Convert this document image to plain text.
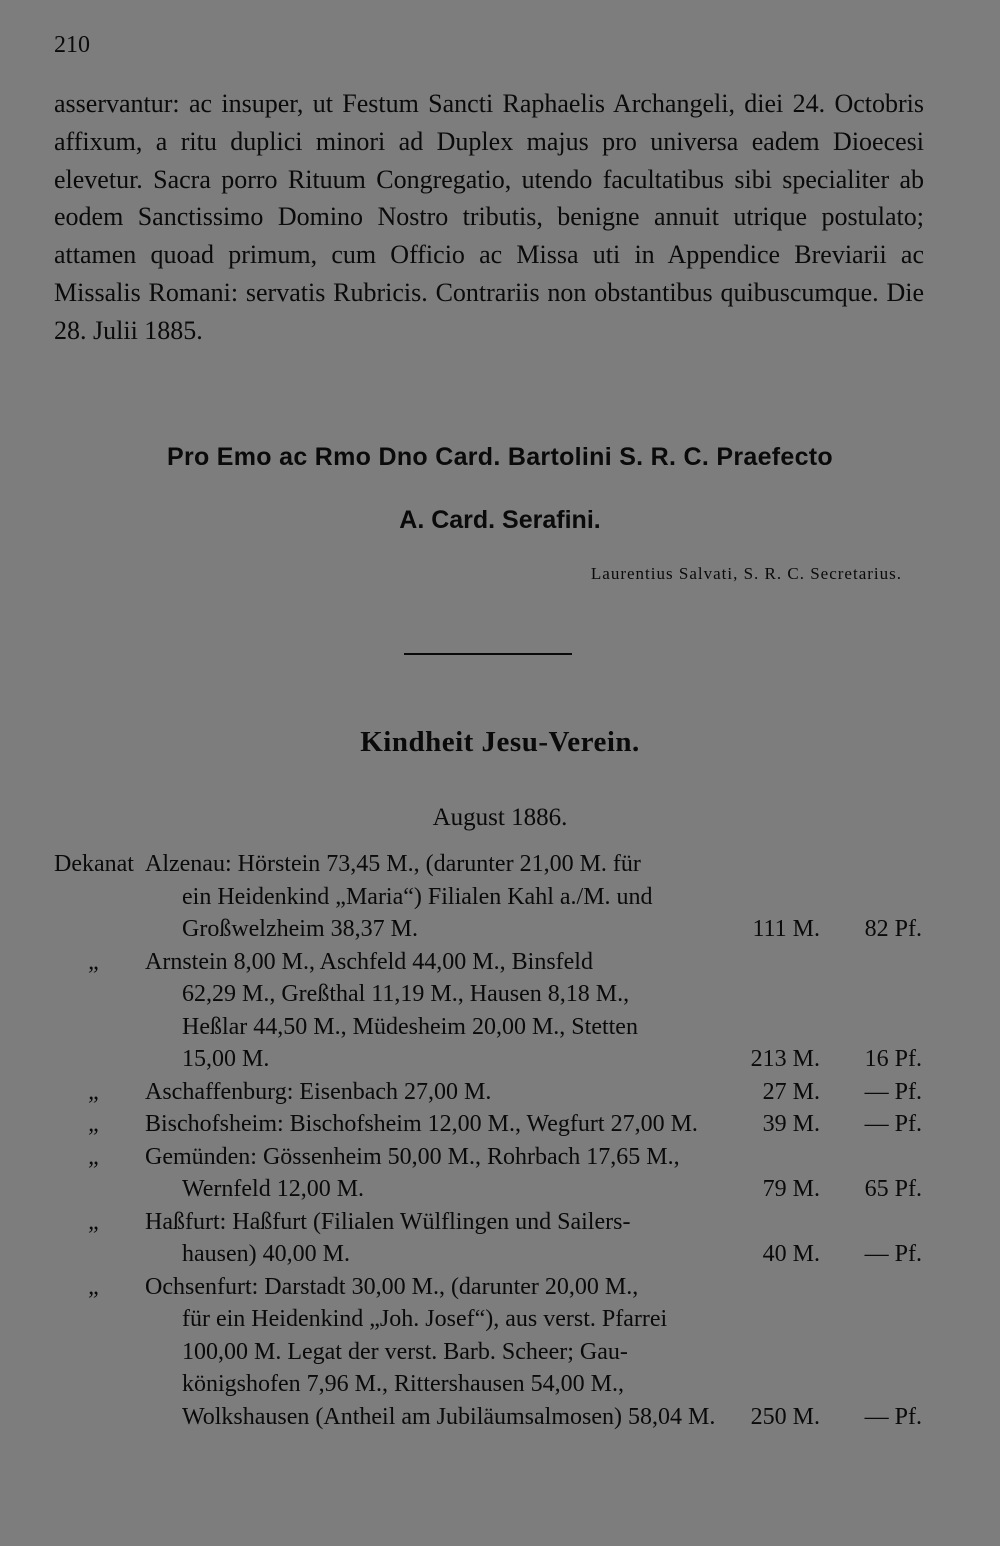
210
asservantur: ac insuper, ut Festum Sancti Raphaelis Archangeli, diei 24. Octobris affixum, a ritu duplici minori ad Duplex majus pro universa eadem Dioecesi elevetur. Sacra porro Rituum Congregatio, utendo facultatibus sibi specialiter ab eodem Sanctissimo Domino Nostro tributis, benigne annuit utrique postulato; attamen quoad primum, cum Officio ac Missa uti in Appendice Breviarii ac Missalis Romani: servatis Rubricis. Contrariis non obstantibus quibuscumque. Die 28. Julii 1885.
Pro Emo ac Rmo Dno Card. Bartolini S. R. C. Praefecto
A. Card. Serafini.
Laurentius Salvati, S. R. C. Secretarius.
Kindheit Jesu-Verein.
August 1886.
Dekanat Alzenau: Hörstein 73,45 M., (darunter 21,00 M. für
ein Heidenkind „Maria“) Filialen Kahl a./M. und
Großwelzheim 38,37 M.	111 M.	82 Pf.
„ Arnstein 8,00 M., Aschfeld 44,00 M., Binsfeld
62,29 M., Greßthal 11,19 M., Hausen 8,18 M.,
Heßlar 44,50 M., Müdesheim 20,00 M., Stetten
15,00 M.	213 M.	16 Pf.
„ Aschaffenburg: Eisenbach 27,00 M.	27 M.	— Pf.
„ Bischofsheim: Bischofsheim 12,00 M., Wegfurt 27,00 M.	39 M.	— Pf.
„ Gemünden: Gössenheim 50,00 M., Rohrbach 17,65 M.,
Wernfeld 12,00 M.	79 M.	65 Pf.
„ Haßfurt: Haßfurt (Filialen Wülflingen und Sailers-
hausen) 40,00 M.	40 M.	— Pf.
„ Ochsenfurt: Darstadt 30,00 M., (darunter 20,00 M.,
für ein Heidenkind „Joh. Josef“), aus verst. Pfarrei
100,00 M. Legat der verst. Barb. Scheer; Gau-
königshofen 7,96 M., Rittershausen 54,00 M.,
Wolkshausen (Antheil am Jubiläumsalmosen) 58,04 M.	250 M.	— Pf.
